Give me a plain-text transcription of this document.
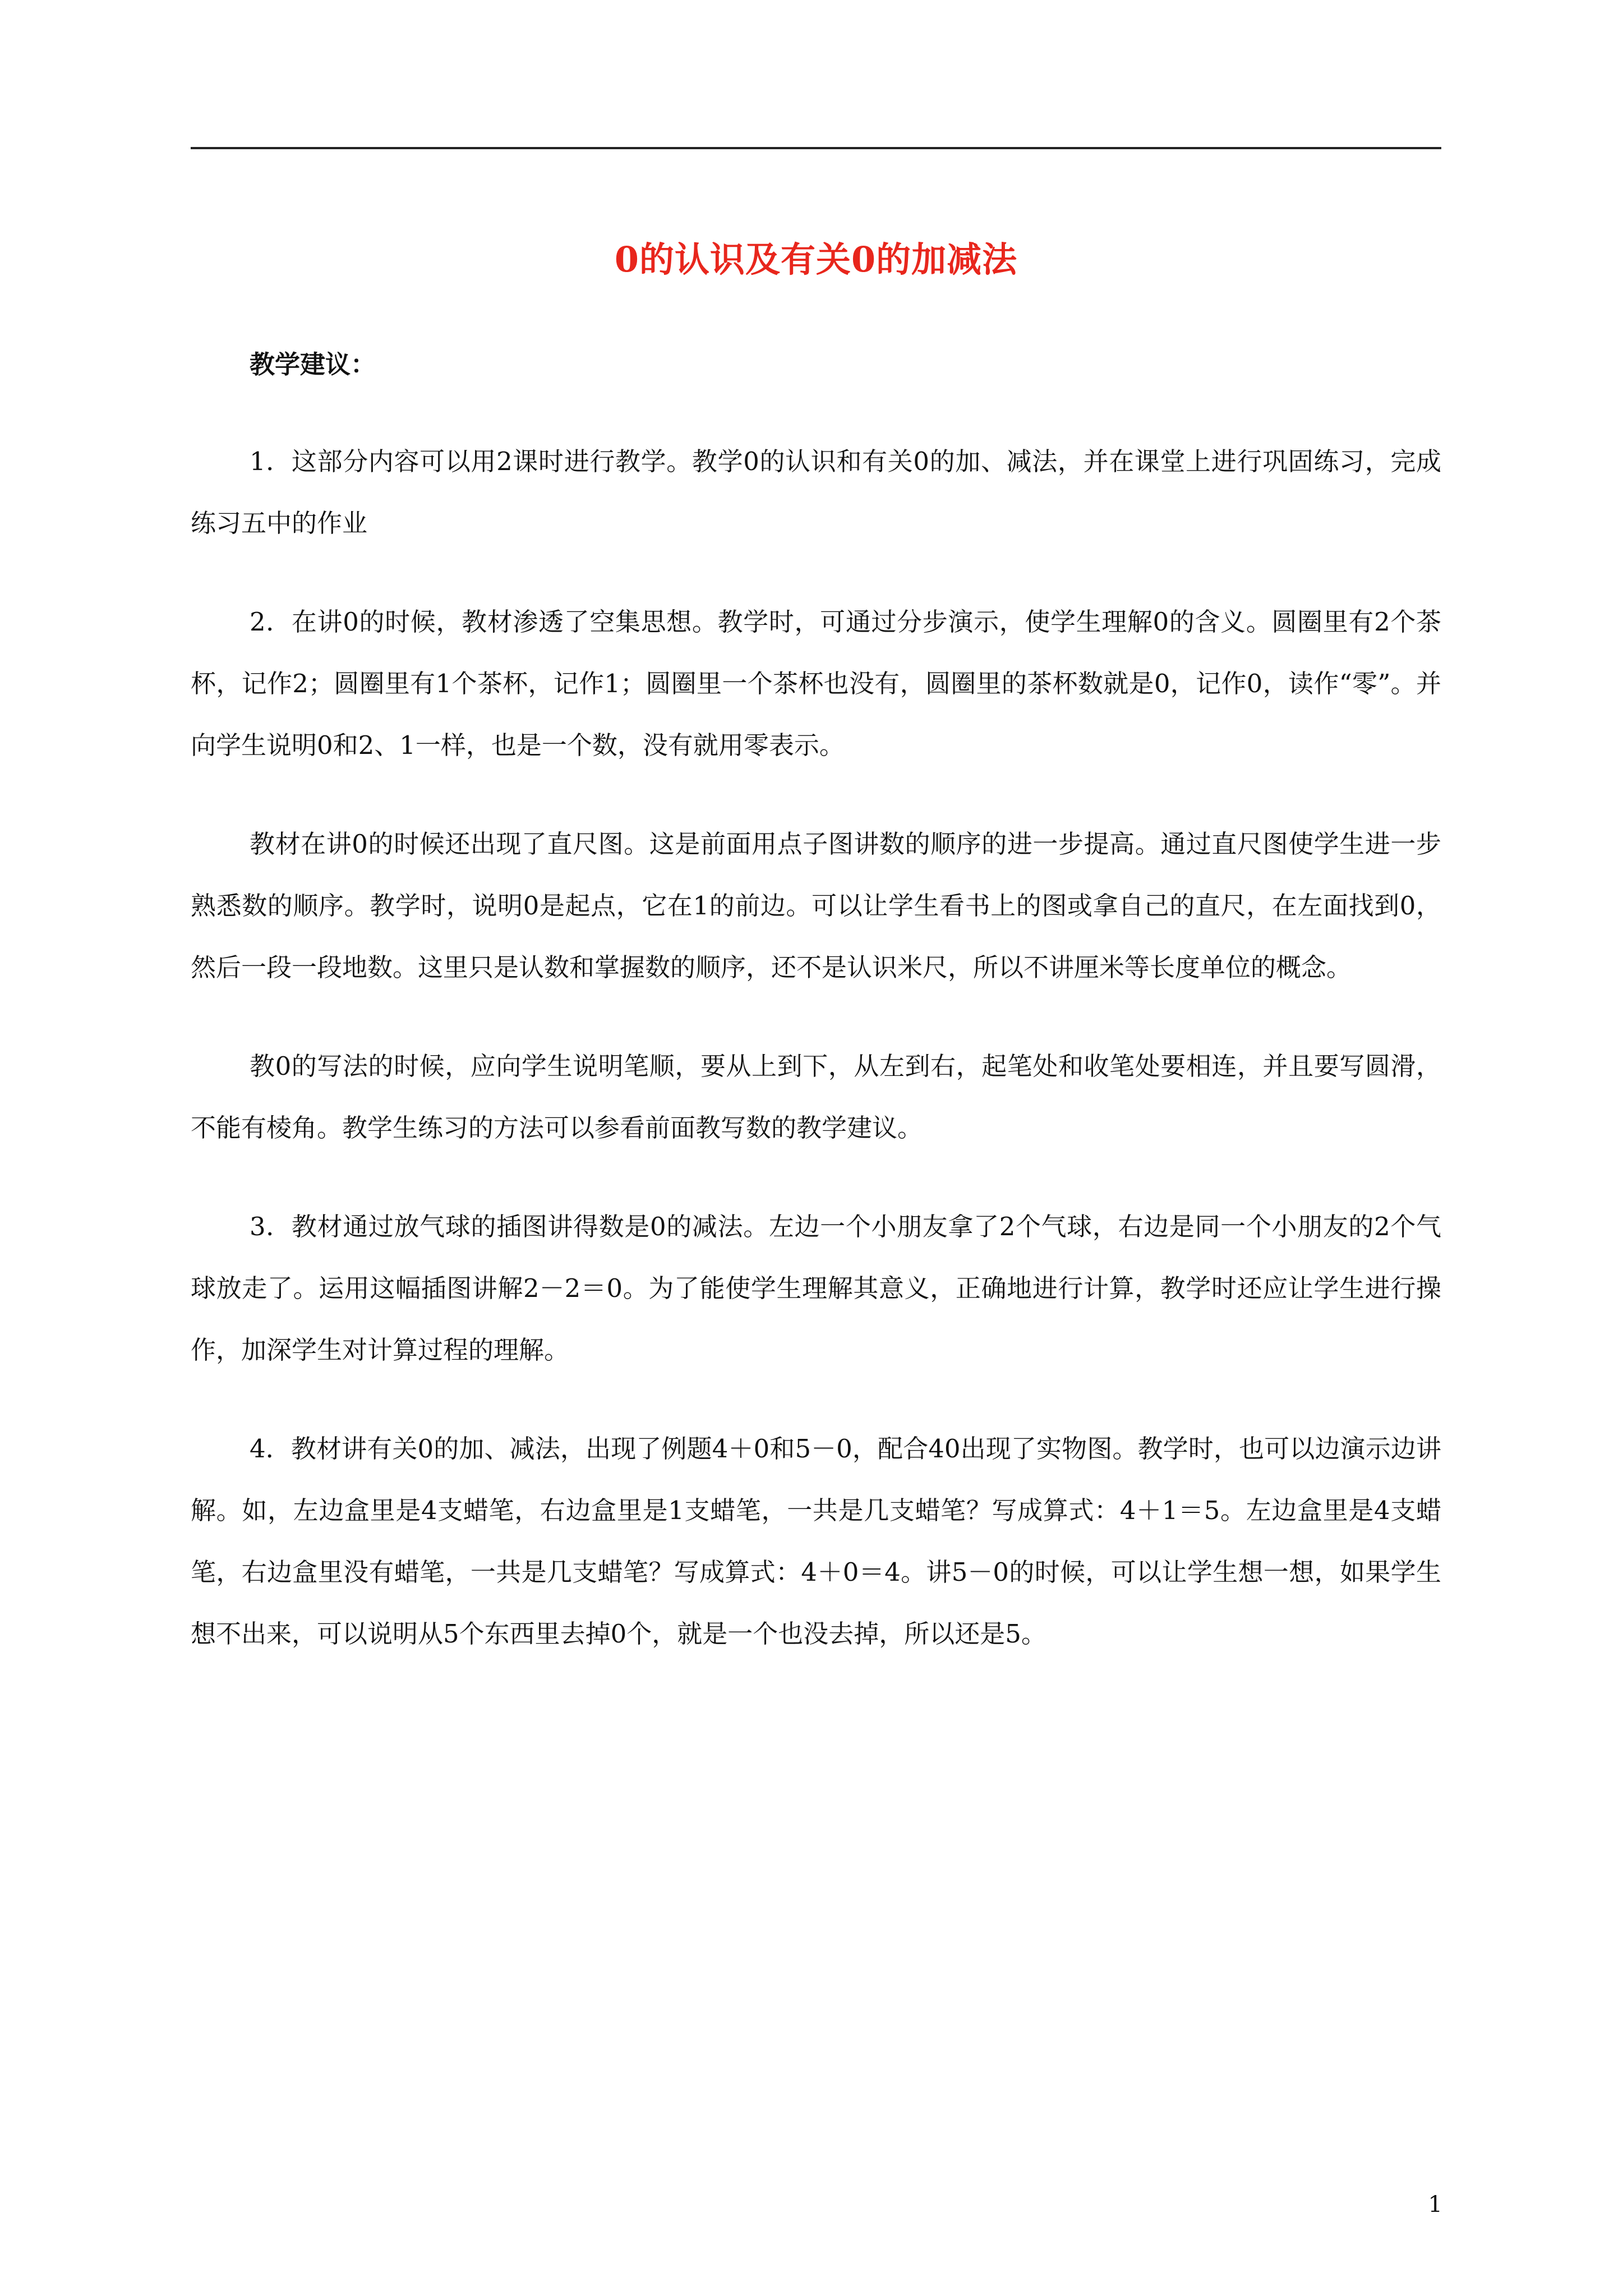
0的认识及有关0的加减法
教学建议：

1．这部分内容可以用2课时进行教学。教学0的认识和有关0的加、减法，并在课堂上进行巩固练习，完成练习五中的作业

2．在讲0的时候，教材渗透了空集思想。教学时，可通过分步演示，使学生理解0的含义。圆圈里有2个茶杯，记作2；圆圈里有1个茶杯，记作1；圆圈里一个茶杯也没有，圆圈里的茶杯数就是0，记作0，读作“零”。并向学生说明0和2、1一样，也是一个数，没有就用零表示。

教材在讲0的时候还出现了直尺图。这是前面用点子图讲数的顺序的进一步提高。通过直尺图使学生进一步熟悉数的顺序。教学时，说明0是起点，它在1的前边。可以让学生看书上的图或拿自己的直尺，在左面找到0，然后一段一段地数。这里只是认数和掌握数的顺序，还不是认识米尺，所以不讲厘米等长度单位的概念。

教0的写法的时候，应向学生说明笔顺，要从上到下，从左到右，起笔处和收笔处要相连，并且要写圆滑，不能有棱角。教学生练习的方法可以参看前面教写数的教学建议。

3．教材通过放气球的插图讲得数是0的减法。左边一个小朋友拿了2个气球，右边是同一个小朋友的2个气球放走了。运用这幅插图讲解2－2＝0。为了能使学生理解其意义，正确地进行计算，教学时还应让学生进行操作，加深学生对计算过程的理解。

4．教材讲有关0的加、减法，出现了例题4＋0和5－0，配合40出现了实物图。教学时，也可以边演示边讲解。如，左边盒里是4支蜡笔，右边盒里是1支蜡笔，一共是几支蜡笔？写成算式：4＋1＝5。左边盒里是4支蜡笔，右边盒里没有蜡笔，一共是几支蜡笔？写成算式：4＋0＝4。讲5－0的时候，可以让学生想一想，如果学生想不出来，可以说明从5个东西里去掉0个，就是一个也没去掉，所以还是5。

1
